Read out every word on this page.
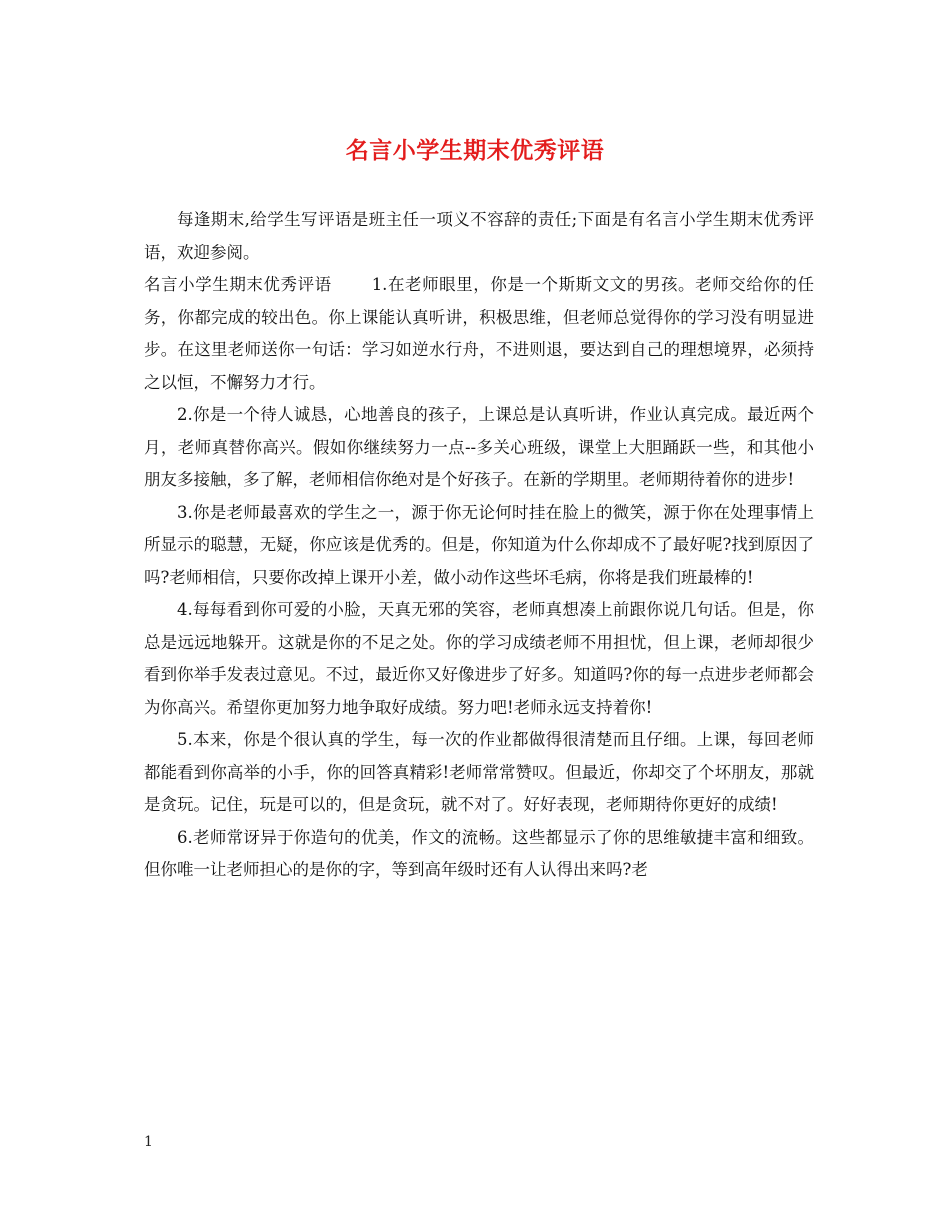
名言小学生期末优秀评语

每逢期末,给学生写评语是班主任一项义不容辞的责任;下面是有名言小学生期末优秀评语，欢迎参阅。

名言小学生期末优秀评语 1.在老师眼里，你是一个斯斯文文的男孩。老师交给你的任务，你都完成的较出色。你上课能认真听讲，积极思维，但老师总觉得你的学习没有明显进步。在这里老师送你一句话：学习如逆水行舟，不进则退，要达到自己的理想境界，必须持之以恒，不懈努力才行。

2.你是一个待人诚恳，心地善良的孩子，上课总是认真听讲，作业认真完成。最近两个月，老师真替你高兴。假如你继续努力一点--多关心班级，课堂上大胆踊跃一些，和其他小朋友多接触，多了解，老师相信你绝对是个好孩子。在新的学期里。老师期待着你的进步!

3.你是老师最喜欢的学生之一，源于你无论何时挂在脸上的微笑，源于你在处理事情上所显示的聪慧，无疑，你应该是优秀的。但是，你知道为什么你却成不了最好呢?找到原因了吗?老师相信，只要你改掉上课开小差，做小动作这些坏毛病，你将是我们班最棒的!

4.每每看到你可爱的小脸，天真无邪的笑容，老师真想凑上前跟你说几句话。但是，你总是远远地躲开。这就是你的不足之处。你的学习成绩老师不用担忧，但上课，老师却很少看到你举手发表过意见。不过，最近你又好像进步了好多。知道吗?你的每一点进步老师都会为你高兴。希望你更加努力地争取好成绩。努力吧!老师永远支持着你!

5.本来，你是个很认真的学生，每一次的作业都做得很清楚而且仔细。上课，每回老师都能看到你高举的小手，你的回答真精彩!老师常常赞叹。但最近，你却交了个坏朋友，那就是贪玩。记住，玩是可以的，但是贪玩，就不对了。好好表现，老师期待你更好的成绩!

6.老师常讶异于你造句的优美，作文的流畅。这些都显示了你的思维敏捷丰富和细致。但你唯一让老师担心的是你的字，等到高年级时还有人认得出来吗?老

1
